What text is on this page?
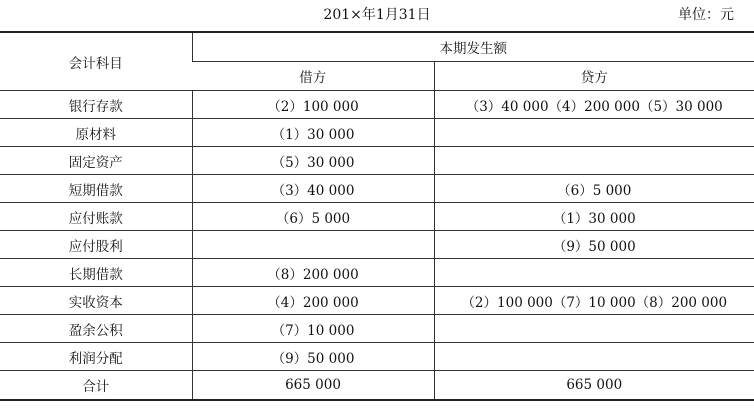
201×年1月31日	单位：元
会计科目	本期发生额	
	借方	贷方
银行存款	（2）100 000	（3）40 000（4）200 000（5）30 000
原材料	（1）30 000	
固定资产	（5）30 000	
短期借款	（3）40 000	（6）5 000
应付账款	（6）5 000	（1）30 000
应付股利		（9）50 000
长期借款	（8）200 000	
实收资本	（4）200 000	（2）100 000（7）10 000（8）200 000
盈余公积	（7）10 000	
利润分配	（9）50 000	
合计	665 000	665 000
